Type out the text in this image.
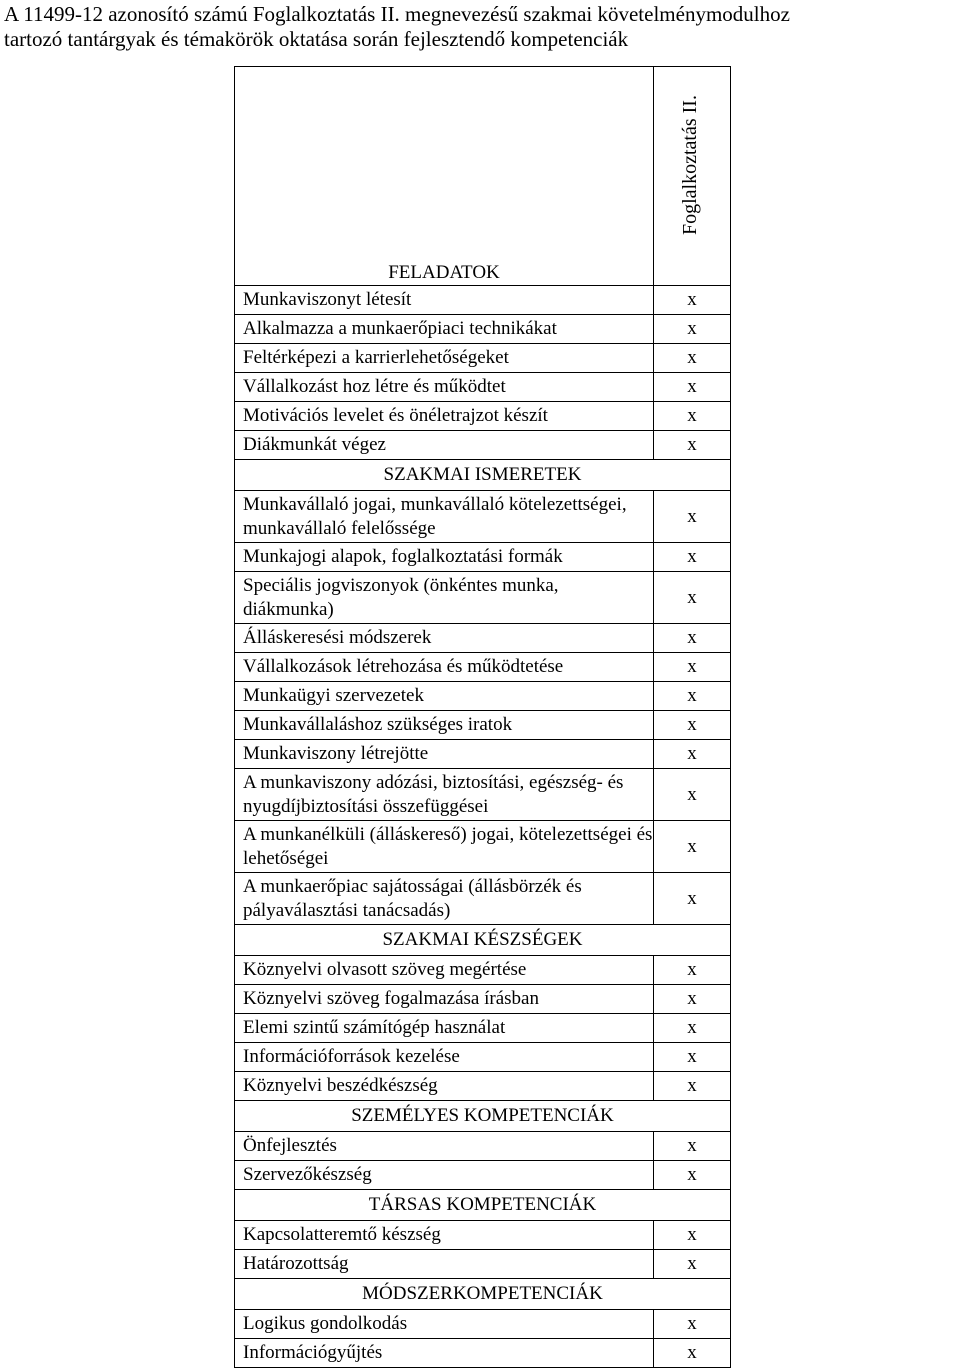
A 11499-12 azonosító számú Foglalkoztatás II. megnevezésű szakmai követelménymodulhoz
tartozó tantárgyak és témakörök oktatása során fejlesztendő kompetenciák

	Foglalkoztatás II.

FELADATOK	
Munkaviszonyt létesít	x
Alkalmazza a munkaerőpiaci technikákat	x
Feltérképezi a karrierlehetőségeket	x
Vállalkozást hoz létre és működtet	x
Motivációs levelet és önéletrajzot készít	x
Diákmunkát végez	x
SZAKMAI ISMERETEK	
Munkavállaló jogai, munkavállaló kötelezettségei, munkavállaló felelőssége	x
Munkajogi alapok, foglalkoztatási formák	x
Speciális jogviszonyok (önkéntes munka, diákmunka)	x
Álláskeresési módszerek	x
Vállalkozások létrehozása és működtetése	x
Munkaügyi szervezetek	x
Munkavállaláshoz szükséges iratok	x
Munkaviszony létrejötte	x
A munkaviszony adózási, biztosítási, egészség- és nyugdíjbiztosítási összefüggései	x
A munkanélküli (álláskereső) jogai, kötelezettségei és lehetőségei	x
A munkaerőpiac sajátosságai (állásbörzék és pályaválasztási tanácsadás)	x
SZAKMAI KÉSZSÉGEK	
Köznyelvi olvasott szöveg megértése	x
Köznyelvi szöveg fogalmazása írásban	x
Elemi szintű számítógép használat	x
Információforrások kezelése	x
Köznyelvi beszédkészség	x
SZEMÉLYES KOMPETENCIÁK	
Önfejlesztés	x
Szervezőkészség	x
TÁRSAS KOMPETENCIÁK	
Kapcsolatteremtő készség	x
Határozottság	x
MÓDSZERKOMPETENCIÁK	
Logikus gondolkodás	x
Információgyűjtés	x
